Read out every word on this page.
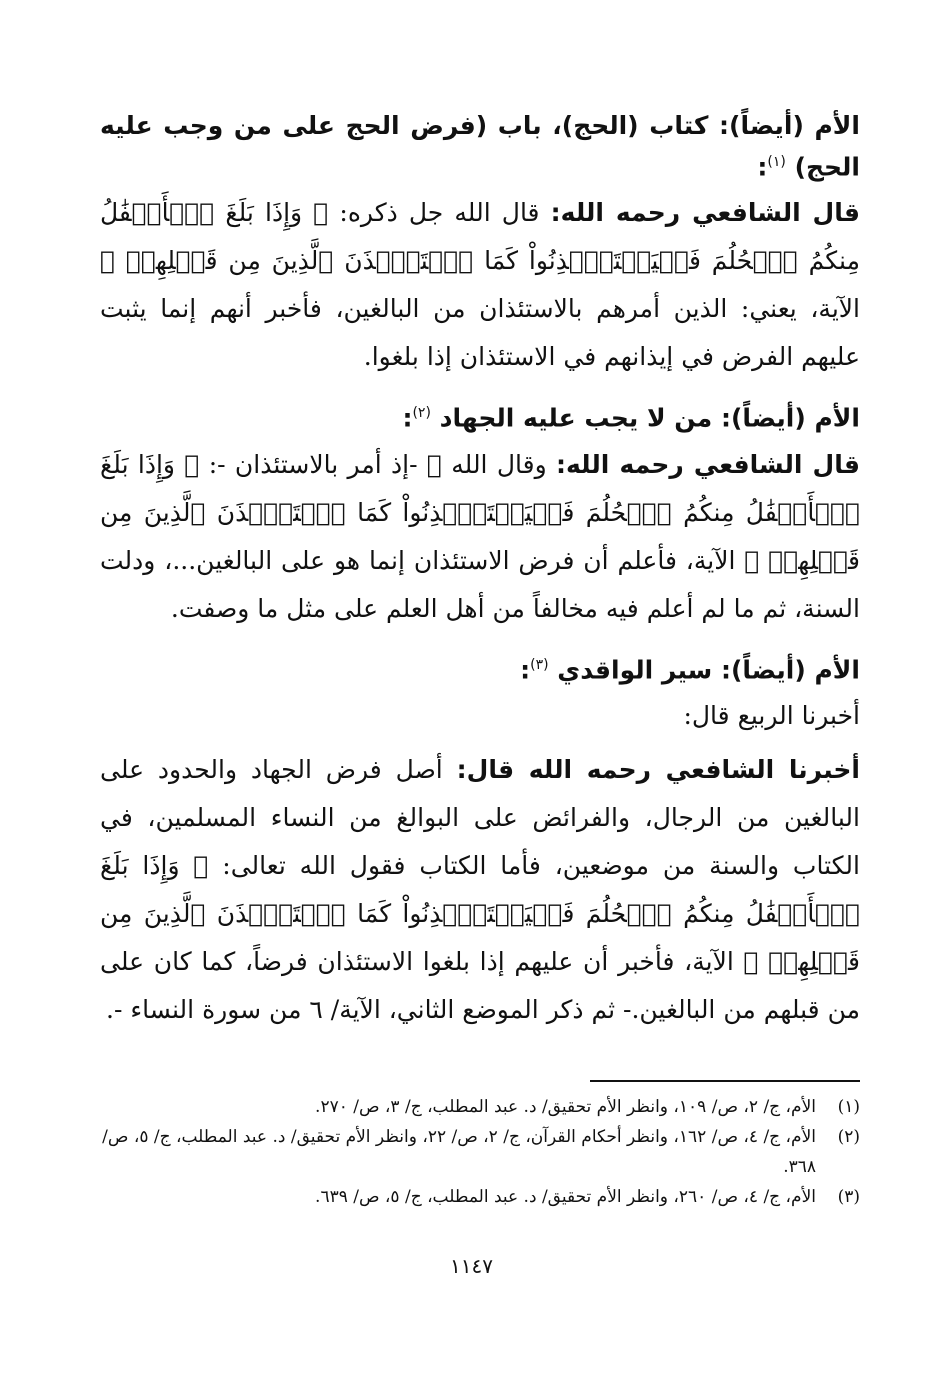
الأم (أيضاً): كتاب (الحج)، باب (فرض الحج على من وجب عليه الحج) $^{(١)}$:

قال الشافعي رحمه الله: قال الله جل ذكره: ﴿ وَإِذَا بَلَغَ ٱلۡأَطۡفَٰلُ مِنكُمُ ٱلۡحُلُمَ فَلۡيَسۡتَـٔۡذِنُواْ كَمَا ٱسۡتَـٔۡذَنَ ٱلَّذِينَ مِن قَبۡلِهِمۡ ﴾ الآية، يعني: الذين أمرهم بالاستئذان من البالغين، فأخبر أنهم إنما يثبت عليهم الفرض في إيذانهم في الاستئذان إذا بلغوا.

الأم (أيضاً): من لا يجب عليه الجهاد $^{(٢)}$:

قال الشافعي رحمه الله: وقال الله ﷻ -إذ أمر بالاستئذان -: ﴿ وَإِذَا بَلَغَ ٱلۡأَطۡفَٰلُ مِنكُمُ ٱلۡحُلُمَ فَلۡيَسۡتَـٔۡذِنُواْ كَمَا ٱسۡتَـٔۡذَنَ ٱلَّذِينَ مِن قَبۡلِهِمۡ ﴾ الآية، فأعلم أن فرض الاستئذان إنما هو على البالغين...، ودلت السنة، ثم ما لم أعلم فيه مخالفاً من أهل العلم على مثل ما وصفت.

الأم (أيضاً): سير الواقدي $^{(٣)}$:

أخبرنا الربيع قال:

أخبرنا الشافعي رحمه الله قال: أصل فرض الجهاد والحدود على البالغين من الرجال، والفرائض على البوالغ من النساء المسلمين، في الكتاب والسنة من موضعين، فأما الكتاب فقول الله تعالى: ﴿ وَإِذَا بَلَغَ ٱلۡأَطۡفَٰلُ مِنكُمُ ٱلۡحُلُمَ فَلۡيَسۡتَـٔۡذِنُواْ كَمَا ٱسۡتَـٔۡذَنَ ٱلَّذِينَ مِن قَبۡلِهِمۡ ﴾ الآية، فأخبر أن عليهم إذا بلغوا الاستئذان فرضاً، كما كان على من قبلهم من البالغين.- ثم ذكر الموضع الثاني، الآية/ ٦ من سورة النساء -.

(١)
الأم، ج/ ٢، ص/ ١٠٩، وانظر الأم تحقيق/ د. عبد المطلب، ج/ ٣، ص/ ٢٧٠.
(٢)
الأم، ج/ ٤، ص/ ١٦٢، وانظر أحكام القرآن، ج/ ٢، ص/ ٢٢، وانظر الأم تحقيق/ د. عبد المطلب، ج/ ٥، ص/ ٣٦٨.
(٣)
الأم، ج/ ٤، ص/ ٢٦٠، وانظر الأم تحقيق/ د. عبد المطلب، ج/ ٥، ص/ ٦٣٩.
١١٤٧
